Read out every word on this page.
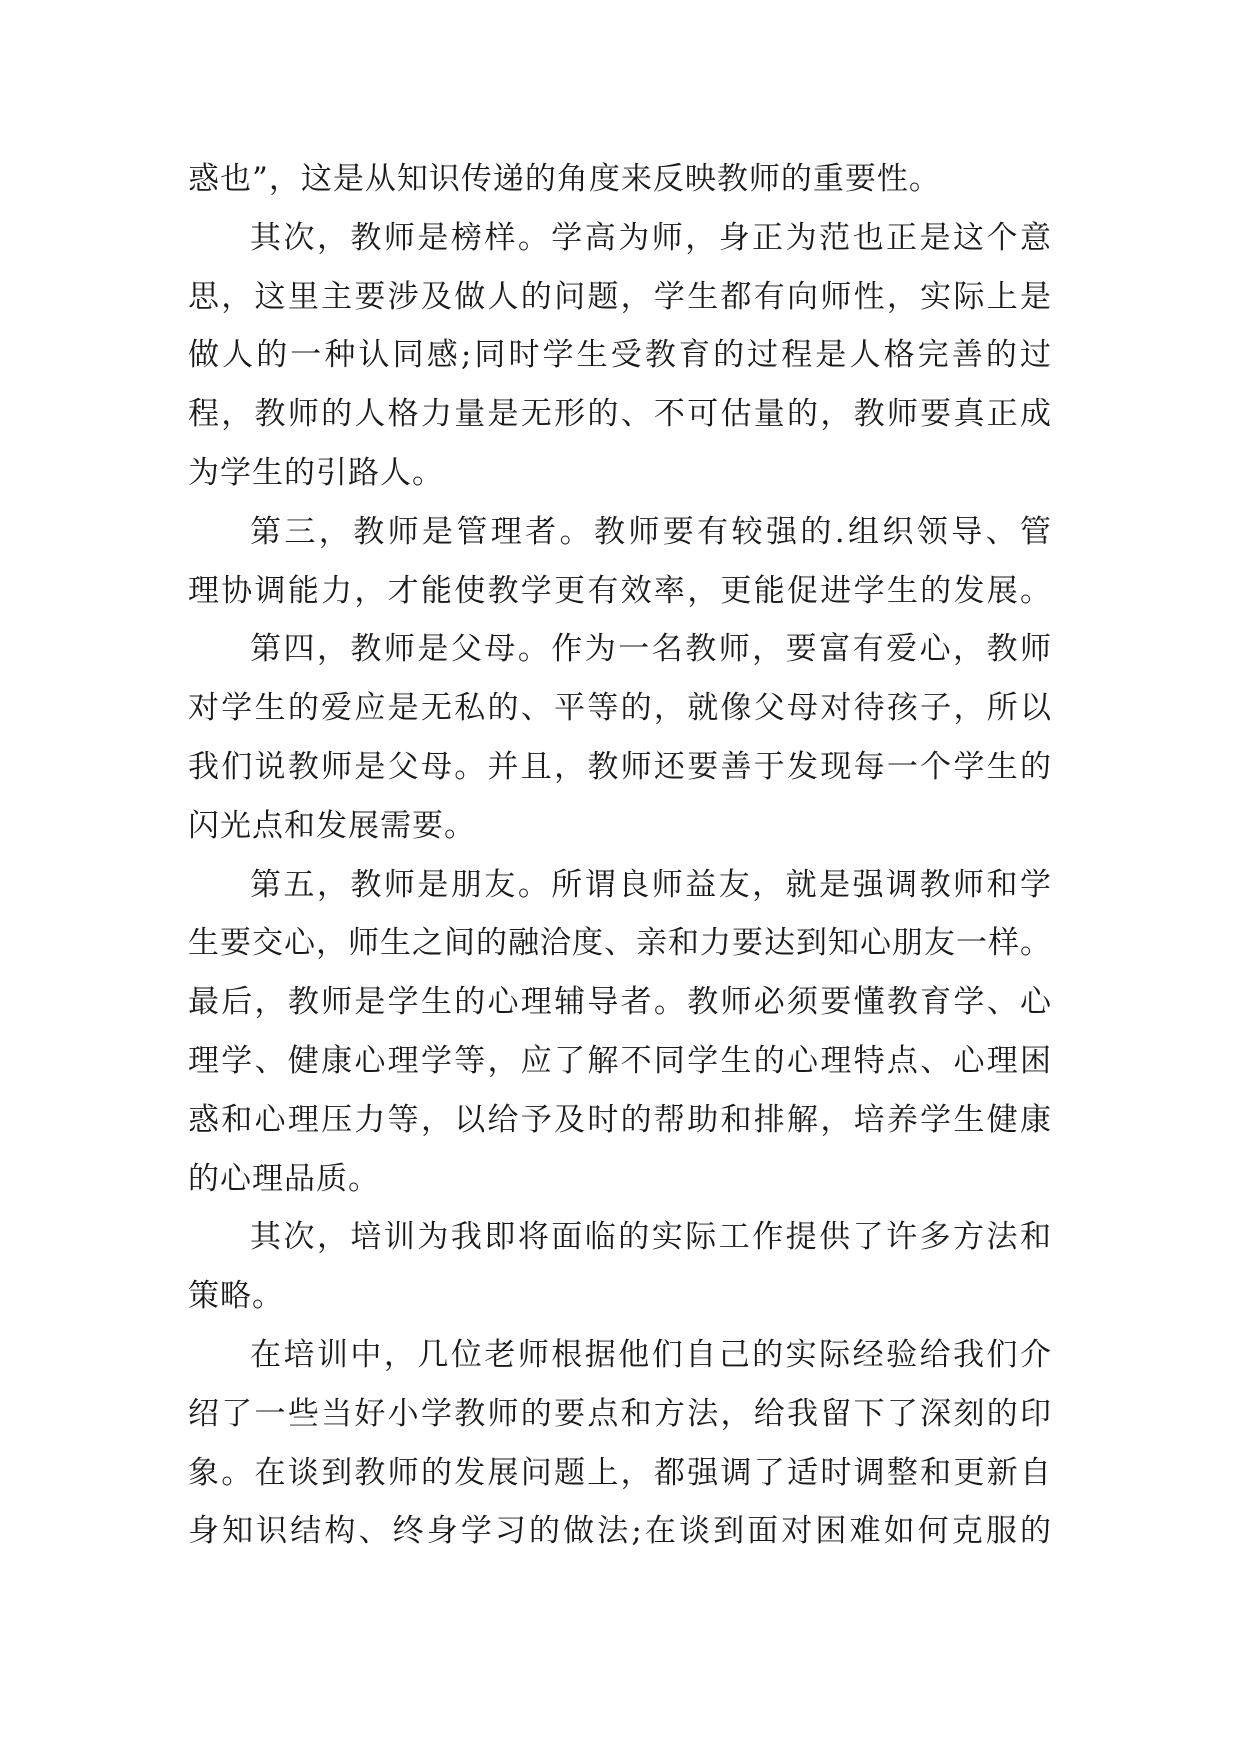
惑也”，这是从知识传递的角度来反映教师的重要性。
其次，教师是榜样。学高为师，身正为范也正是这个意
思，这里主要涉及做人的问题，学生都有向师性，实际上是
做人的一种认同感;同时学生受教育的过程是人格完善的过
程，教师的人格力量是无形的、不可估量的，教师要真正成
为学生的引路人。
第三，教师是管理者。教师要有较强的.组织领导、管
理协调能力，才能使教学更有效率，更能促进学生的发展。
第四，教师是父母。作为一名教师，要富有爱心，教师
对学生的爱应是无私的、平等的，就像父母对待孩子，所以
我们说教师是父母。并且，教师还要善于发现每一个学生的
闪光点和发展需要。
第五，教师是朋友。所谓良师益友，就是强调教师和学
生要交心，师生之间的融洽度、亲和力要达到知心朋友一样。
最后，教师是学生的心理辅导者。教师必须要懂教育学、心
理学、健康心理学等，应了解不同学生的心理特点、心理困
惑和心理压力等，以给予及时的帮助和排解，培养学生健康
的心理品质。
其次，培训为我即将面临的实际工作提供了许多方法和
策略。
在培训中，几位老师根据他们自己的实际经验给我们介
绍了一些当好小学教师的要点和方法，给我留下了深刻的印
象。在谈到教师的发展问题上，都强调了适时调整和更新自
身知识结构、终身学习的做法;在谈到面对困难如何克服的
